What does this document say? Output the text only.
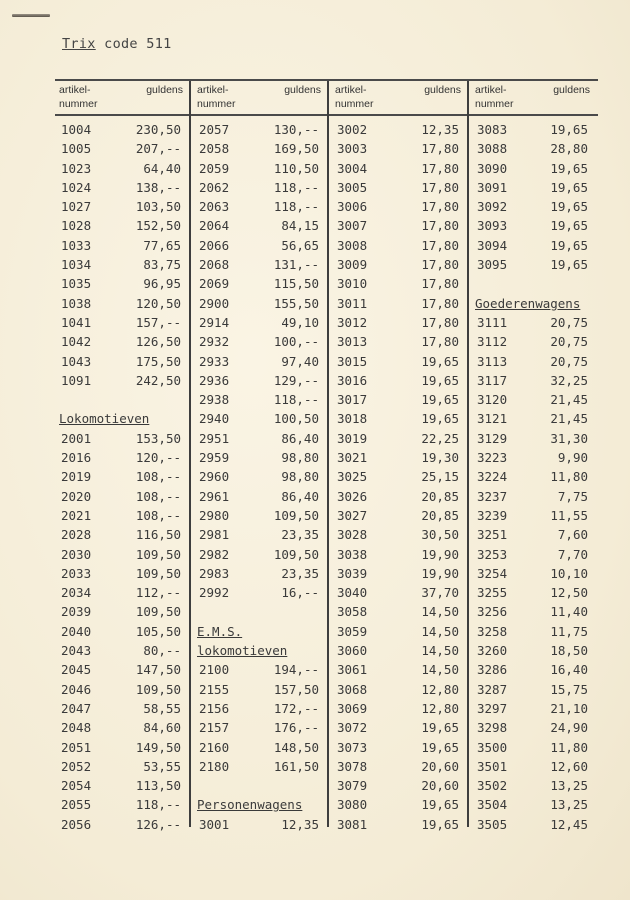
Trix code 511
artikel-
nummer
guldens
1004	230,50
1005	207,--
1023	64,40
1024	138,--
1027	103,50
1028	152,50
1033	77,65
1034	83,75
1035	96,95
1038	120,50
1041	157,--
1042	126,50
1043	175,50
1091	242,50
Lokomotieven
2001	153,50
2016	120,--
2019	108,--
2020	108,--
2021	108,--
2028	116,50
2030	109,50
2033	109,50
2034	112,--
2039	109,50
2040	105,50
2043	80,--
2045	147,50
2046	109,50
2047	58,55
2048	84,60
2051	149,50
2052	53,55
2054	113,50
2055	118,--
2056	126,--
artikel-
nummer
guldens
2057	130,--
2058	169,50
2059	110,50
2062	118,--
2063	118,--
2064	84,15
2066	56,65
2068	131,--
2069	115,50
2900	155,50
2914	49,10
2932	100,--
2933	97,40
2936	129,--
2938	118,--
2940	100,50
2951	86,40
2959	98,80
2960	98,80
2961	86,40
2980	109,50
2981	23,35
2982	109,50
2983	23,35
2992	16,--
E.M.S.
lokomotieven
2100	194,--
2155	157,50
2156	172,--
2157	176,--
2160	148,50
2180	161,50
Personenwagens
3001	12,35
artikel-
nummer
guldens
3002	12,35
3003	17,80
3004	17,80
3005	17,80
3006	17,80
3007	17,80
3008	17,80
3009	17,80
3010	17,80
3011	17,80
3012	17,80
3013	17,80
3015	19,65
3016	19,65
3017	19,65
3018	19,65
3019	22,25
3021	19,30
3025	25,15
3026	20,85
3027	20,85
3028	30,50
3038	19,90
3039	19,90
3040	37,70
3058	14,50
3059	14,50
3060	14,50
3061	14,50
3068	12,80
3069	12,80
3072	19,65
3073	19,65
3078	20,60
3079	20,60
3080	19,65
3081	19,65
artikel-
nummer
guldens
3083	19,65
3088	28,80
3090	19,65
3091	19,65
3092	19,65
3093	19,65
3094	19,65
3095	19,65
Goederenwagens
3111	20,75
3112	20,75
3113	20,75
3117	32,25
3120	21,45
3121	21,45
3129	31,30
3223	9,90
3224	11,80
3237	7,75
3239	11,55
3251	7,60
3253	7,70
3254	10,10
3255	12,50
3256	11,40
3258	11,75
3260	18,50
3286	16,40
3287	15,75
3297	21,10
3298	24,90
3500	11,80
3501	12,60
3502	13,25
3504	13,25
3505	12,45
